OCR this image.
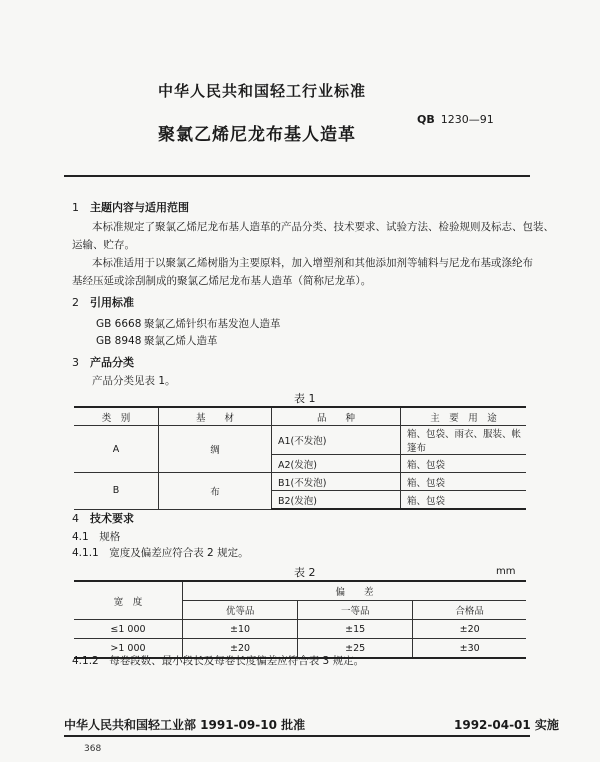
中华人民共和国轻工行业标准
QB 1230—91
聚氯乙烯尼龙布基人造革
1 主题内容与适用范围
本标准规定了聚氯乙烯尼龙布基人造革的产品分类、技术要求、试验方法、检验规则及标志、包装、
运输、贮存。
本标准适用于以聚氯乙烯树脂为主要原料，加入增塑剂和其他添加剂等辅料与尼龙布基或涤纶布
基经压延或涂刮制成的聚氯乙烯尼龙布基人造革（简称尼龙革）。
2 引用标准
GB 6668 聚氯乙烯针织布基发泡人造革
GB 8948 聚氯乙烯人造革
3 产品分类
产品分类见表 1。
表 1
类　别	基　　材	品　　种	主　要　用　途
A	绸	A1(不发泡)	箱、包袋、雨衣、服装、帐篷布
		A2(发泡)	箱、包袋
B	布	B1(不发泡)	箱、包袋
		B2(发泡)	箱、包袋
4 技术要求
4.1　规格
4.1.1　宽度及偏差应符合表 2 规定。
表 2	mm
宽　度	偏　　差		
	优等品	一等品	合格品
≤1 000	±10	±15	±20
>1 000	±20	±25	±30
4.1.2　每卷段数、最小段长及每卷长度偏差应符合表 3 规定。
中华人民共和国轻工业部 1991-09-10 批准	1992-04-01 实施
368
